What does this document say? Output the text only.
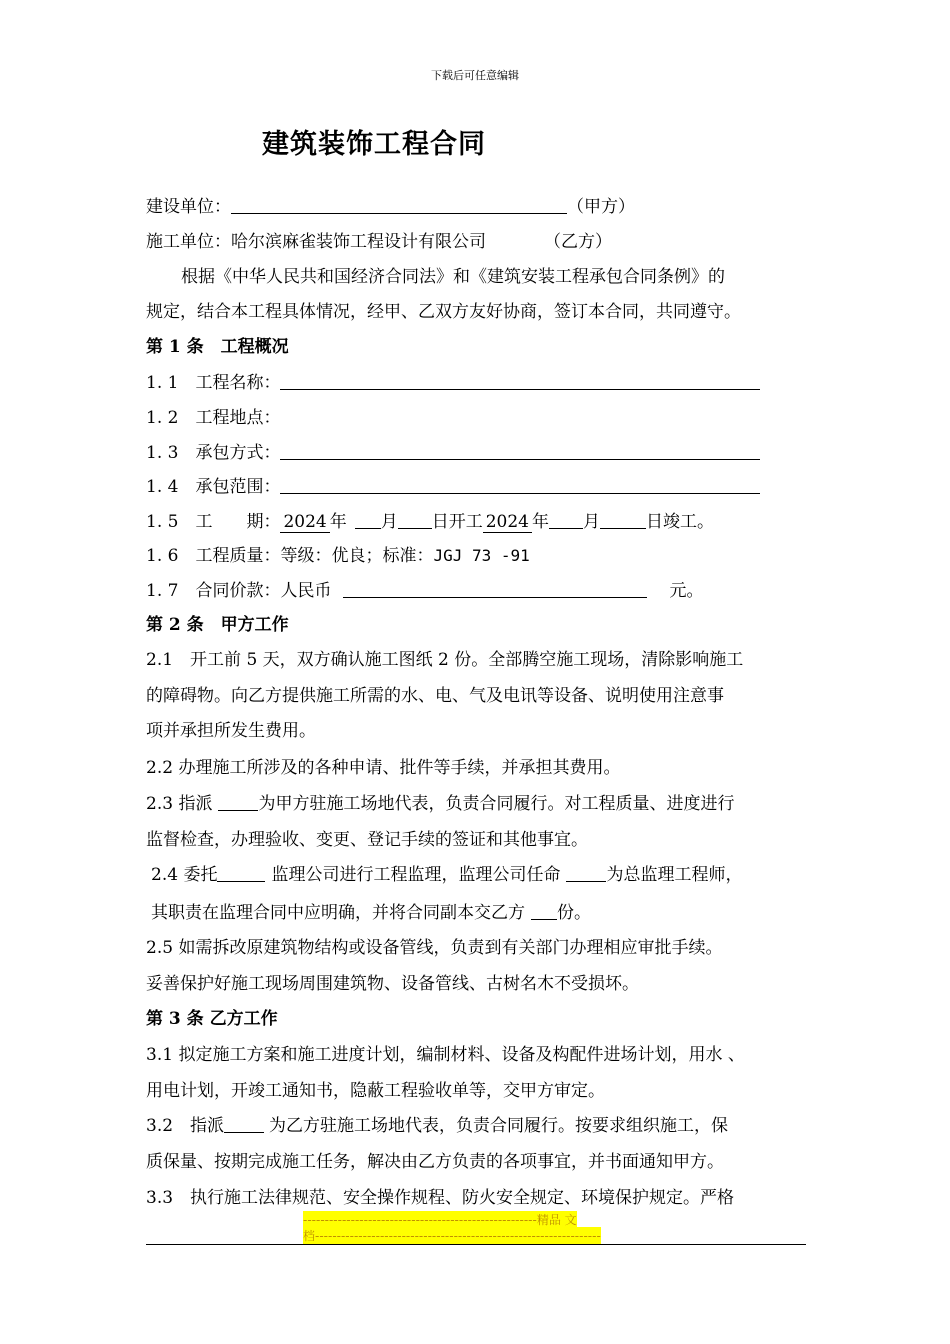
下载后可任意编辑
建筑装饰工程合同
建设单位：	（甲方）
施工单位：哈尔滨麻雀装饰工程设计有限公司	（乙方）
根据《中华人民共和国经济合同法》和《建筑安装工程承包合同条例》的
规定，结合本工程具体情况，经甲、乙双方友好协商，签订本合同，共同遵守。
第 1 条　工程概况
1. 1　工程名称：
1. 2　工程地点：
1. 3　承包方式：
1. 4　承包范围：
1. 5　工　　期： 2024 年 月 日开工 2024 年 月	日竣工。
1. 6　工程质量：等级：优良；标准：JGJ 73 -91
1. 7　合同价款：人民币	元。
第 2 条　甲方工作
2.1　开工前 5 天，双方确认施工图纸 2 份。全部腾空施工现场，清除影响施工
的障碍物。向乙方提供施工所需的水、电、气及电讯等设备、说明使用注意事
项并承担所发生费用。
2.2 办理施工所涉及的各种申请、批件等手续，并承担其费用。
2.3 指派	为甲方驻施工场地代表，负责合同履行。对工程质量、进度进行
监督检查，办理验收、变更、登记手续的签证和其他事宜。
2.4 委托	监理公司进行工程监理，监理公司任命	为总监理工程师，
其职责在监理合同中应明确，并将合同副本交乙方 份。
2.5 如需拆改原建筑物结构或设备管线，负责到有关部门办理相应审批手续。
妥善保护好施工现场周围建筑物、设备管线、古树名木不受损坏。
第 3 条 乙方工作
3.1 拟定施工方案和施工进度计划，编制材料、设备及构配件进场计划，用水 、
用电计划，开竣工通知书，隐蔽工程验收单等，交甲方审定。
3.2　指派	为乙方驻施工场地代表，负责合同履行。按要求组织施工，保
质保量、按期完成施工任务，解决由乙方负责的各项事宜，并书面通知甲方。
3.3　执行施工法律规范、安全操作规程、防火安全规定、环境保护规定。严格
------------------------------------------------------精品 文
档------------------------------------------------------------------
